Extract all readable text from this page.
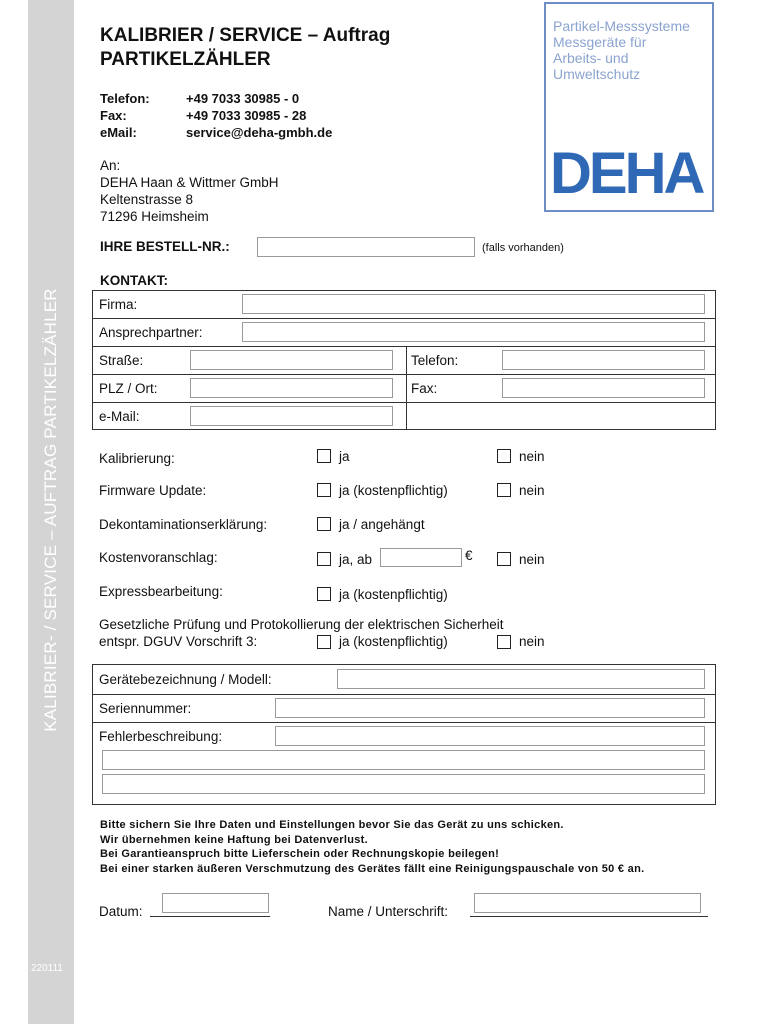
KALIBRIER- / SERVICE – AUFTRAG PARTIKELZÄHLER
220111
KALIBRIER / SERVICE – Auftrag
PARTIKELZÄHLER
Telefon:	+49 7033 30985 - 0
Fax:	+49 7033 30985 - 28
eMail:	service@deha-gmbh.de
Partikel-Messsysteme
Messgeräte für
Arbeits- und
Umweltschutz
DEHA
An:
DEHA Haan & Wittmer GmbH
Keltenstrasse 8
71296 Heimsheim
IHRE BESTELL-NR.:	(falls vorhanden)
KONTAKT:
Firma:
Ansprechpartner:
Straße:	Telefon:
PLZ / Ort:	Fax:
e-Mail:
Kalibrierung:	ja	nein
Firmware Update:	ja (kostenpflichtig)	nein
Dekontaminationserklärung:	ja / angehängt
Kostenvoranschlag:	ja, ab	€	nein
Expressbearbeitung:	ja (kostenpflichtig)
Gesetzliche Prüfung und Protokollierung der elektrischen Sicherheit
entspr. DGUV Vorschrift 3:	ja (kostenpflichtig)	nein
Gerätebezeichnung / Modell:
Seriennummer:
Fehlerbeschreibung:
Bitte sichern Sie Ihre Daten und Einstellungen bevor Sie das Gerät zu uns schicken.
Wir übernehmen keine Haftung bei Datenverlust.
Bei Garantieanspruch bitte Lieferschein oder Rechnungskopie beilegen!
Bei einer starken äußeren Verschmutzung des Gerätes fällt eine Reinigungspauschale von 50 € an.
Datum:	Name / Unterschrift:
